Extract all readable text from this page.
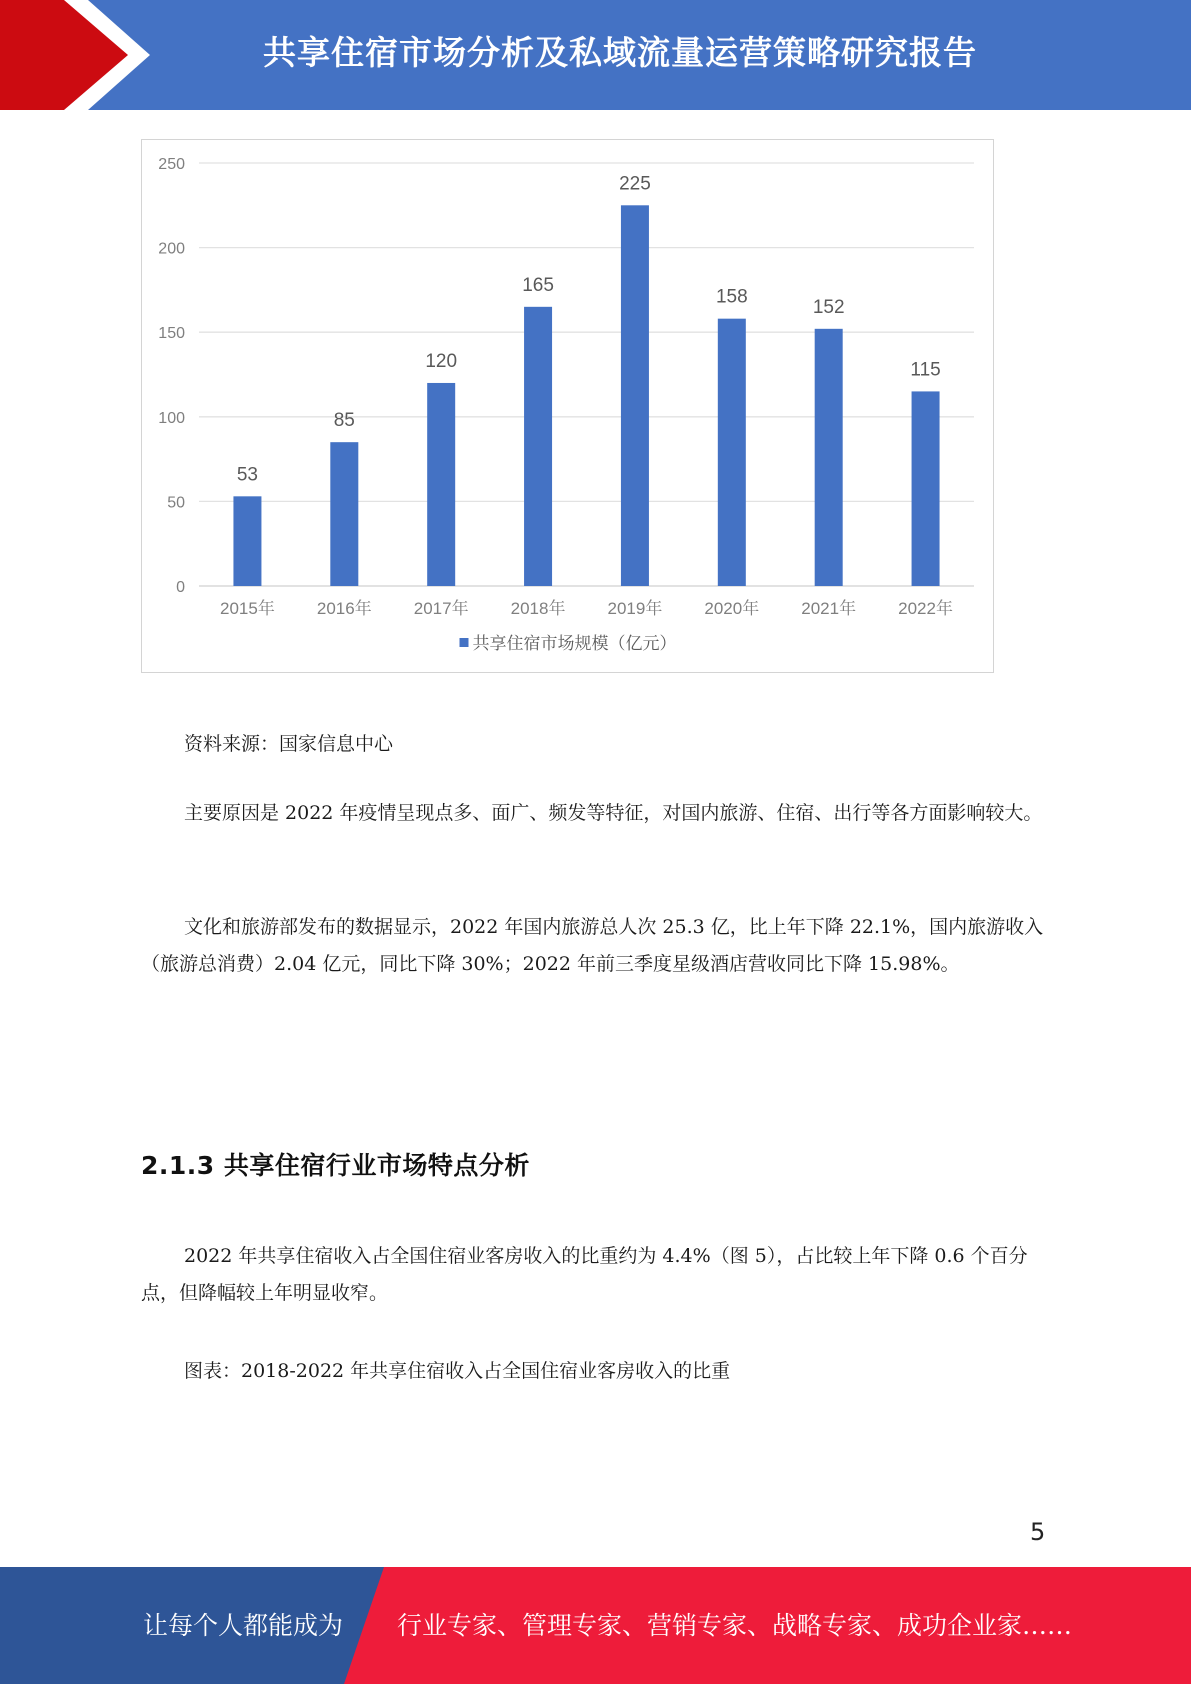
共享住宿市场分析及私域流量运营策略研究报告
0
50
100
150
200
250
53
2015年
85
2016年
120
2017年
165
2018年
225
2019年
158
2020年
152
2021年
115
2022年
共享住宿市场规模（亿元）

资料来源：国家信息中心

主要原因是 2022 年疫情呈现点多、面广、频发等特征，对国内旅游、住宿、出行等各方面影响较大。

文化和旅游部发布的数据显示，2022 年国内旅游总人次 25.3 亿，比上年下降 22.1%，国内旅游收入（旅游总消费）2.04 亿元，同比下降 30%；2022 年前三季度星级酒店营收同比下降 15.98%。

2.1.3 共享住宿行业市场特点分析

2022 年共享住宿收入占全国住宿业客房收入的比重约为 4.4%（图 5），占比较上年下降 0.6 个百分点，但降幅较上年明显收窄。

图表：2018-2022 年共享住宿收入占全国住宿业客房收入的比重

5
让每个人都能成为 行业专家、管理专家、营销专家、战略专家、成功企业家……
